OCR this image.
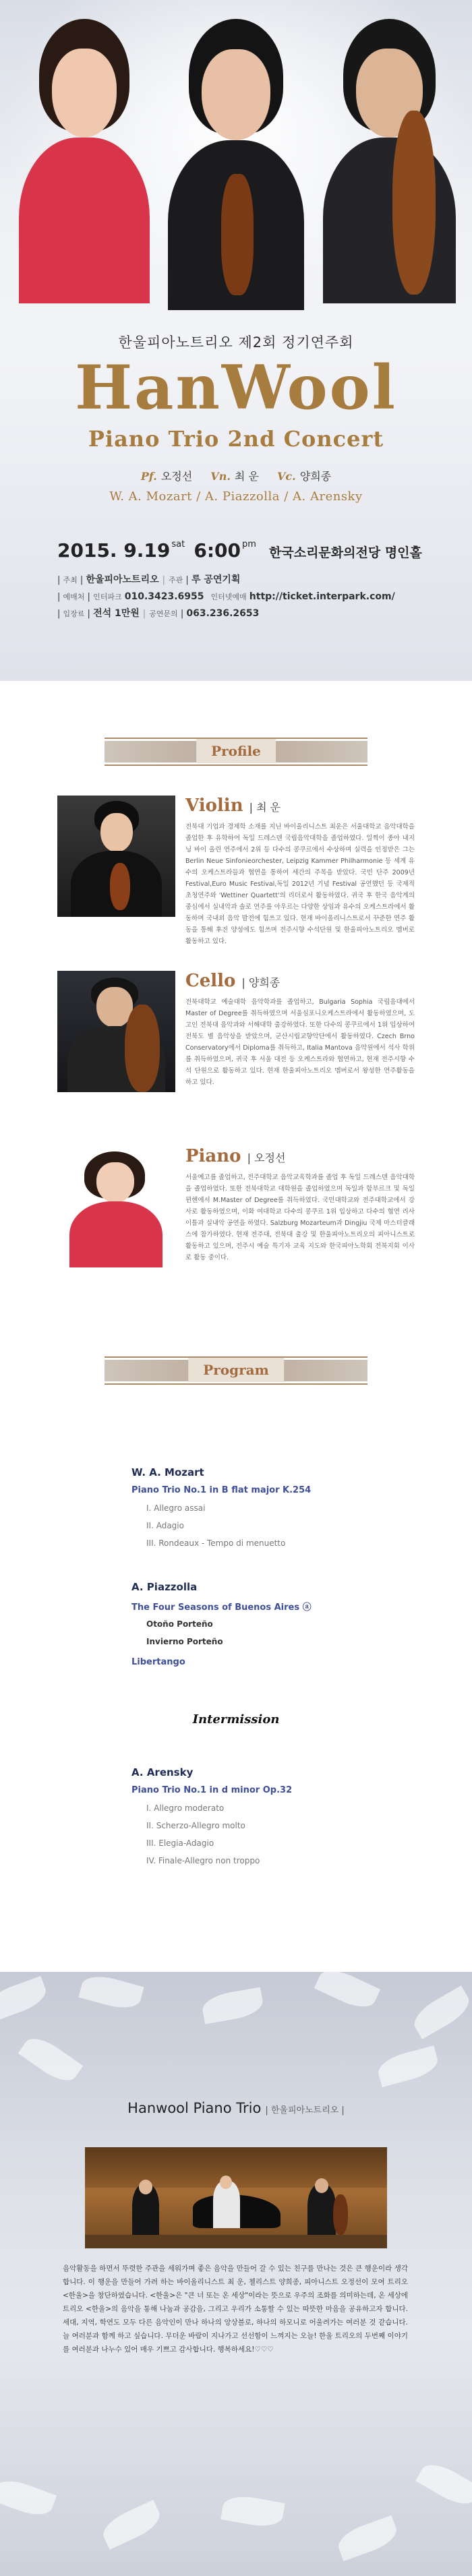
한울피아노트리오 제2회 정기연주회
HanWool
Piano Trio 2nd Concert
Pf. 오정선 Vn. 최 운 Vc. 양희종
W. A. Mozart / A. Piazzolla / A. Arensky
2015. 9.19 $^{sat}$ 6:00 $^{pm}$ 한국소리문화의전당 명인홀
| 주최 | 한울피아노트리오 | 주관 | 루 공연기획
| 예매처 | 인터파크 010.3423.6955 인터넷예매 http://ticket.interpark.com/
| 입장료 | 전석 1만원 | 공연문의 | 063.236.2653
Profile
Violin | 최 운
전북대 기업과 경제학 소재를 지닌 바이올리니스트 최운은 서울대학교 음악대학을 졸업한 후 유학하여 독일 드레스덴 국립음악대학을 졸업하였다. 일찍이 종아 내지닝 바이 올린 연주에서 2위 등 다수의 콩쿠르에서 수상하며 실력을 인정받은 그는 Berlin Neue Sinfonieorchester, Leipzig Kammer Philharmonie 등 세계 유수의 오케스트라들과 협연을 통하여 세간의 주목을 받았다. 국민 단주 2009년 Festival,Euro Music Festival,독일 2012년 기념 Festival 공연했던 등 국제적 초청연주와 'Wettiner Quartett'의 리더로서 활동하였다. 귀국 후 한국 음악계의 중심에서 실내악과 솔로 연주를 아우르는 다양한 상임과 유수의 오케스트라에서 활동하며 국내외 음악 발전에 힘쓰고 있다. 현재 바이올리니스트로서 꾸준한 연주 활동을 통해 후진 양성에도 힘쓰며 전주시향 수석단원 및 한울피아노트리오 멤버로 활동하고 있다.
Cello | 양희종
전북대학교 예술대학 음악학과를 졸업하고, Bulgaria Sophia 국립음대에서 Master of Degree를 취득하였으며 서울심포니오케스트라에서 활동하였으며, 도고인 전북대 음악과와 서해대학 출강하였다. 또한 다수의 콩쿠르에서 1위 입상하여 전북도 별 음악상을 받았으며, 군산시립교향악단에서 활동하였다. Czech Brno Conservatory에서 Diploma를 취득하고, Italia Mantova 음악원에서 석사 학위를 취득하였으며, 귀국 후 서울 대전 등 오케스트라와 협연하고, 현재 전주시향 수석 단원으로 활동하고 있다. 현재 한울피아노트리오 멤버로서 왕성한 연주활동을 하고 있다.
Piano | 오정선
서울예고를 졸업하고, 전주대학교 음악교육학과를 졸업 후 독일 드레스덴 음악대학을 졸업하였다. 또한 전북대학교 대학원을 졸업하였으며 독일과 함부르크 및 독일 뮌헨에서 M.Master of Degree를 취득하였다. 국민대학교와 전주대학교에서 강사로 활동하였으며, 이화 여대학교 다수의 콩쿠르 1위 입상하고 다수의 협연 리사이틀과 실내악 공연을 하였다. Salzburg Mozarteum과 Dingjiu 국제 마스터클래스에 참가하였다. 현재 전주대, 전북대 출강 및 한울피아노트리오의 피아니스트로 활동하고 있으며, 전주시 예술 특기자 교육 지도와 한국피아노학회 전북지회 이사로 활동 중이다.
Program
W. A. Mozart
Piano Trio No.1 in B flat major K.254
I. Allegro assai
II. Adagio
III. Rondeaux - Tempo di menuetto
A. Piazzolla
The Four Seasons of Buenos Aires ⓐ
Otoño Porteño
Invierno Porteño
Libertango
Intermission
A. Arensky
Piano Trio No.1 in d minor Op.32
I. Allegro moderato
II. Scherzo-Allegro molto
III. Elegia-Adagio
IV. Finale-Allegro non troppo
Hanwool Piano Trio | 한울피아노트리오 |
음악활동을 하면서 뚜렷한 주관을 세워가며 좋은 음악을 만들어 갈 수 있는 친구를 만나는 것은 큰 행운이라 생각합니다. 이 행운을 만들어 가려 하는 바이올리니스트 최 운, 첼리스트 양희종, 피아니스트 오정선이 모여 트리오 <한울>을 창단하였습니다. <한울>은 "큰 너 또는 온 세상"이라는 뜻으로 우주의 조화를 의미하는데, 온 세상에 트리오 <한울>의 음악을 통해 나눔과 공감을, 그리고 우리가 소통할 수 있는 따뜻한 마음을 공유하고자 합니다. 세대, 지역, 학연도 모두 다른 음악인이 만나 하나의 앙상블로, 하나의 하모니로 어울려가는 여러분 것 같습니다. 늘 여러분과 함께 하고 싶습니다. 무더운 바람이 지나가고 선선함이 느껴지는 오늘! 한울 트리오의 두번째 이야기를 여러분과 나누수 있어 매우 기쁘고 감사합니다. 행복하세요!♡♡♡
